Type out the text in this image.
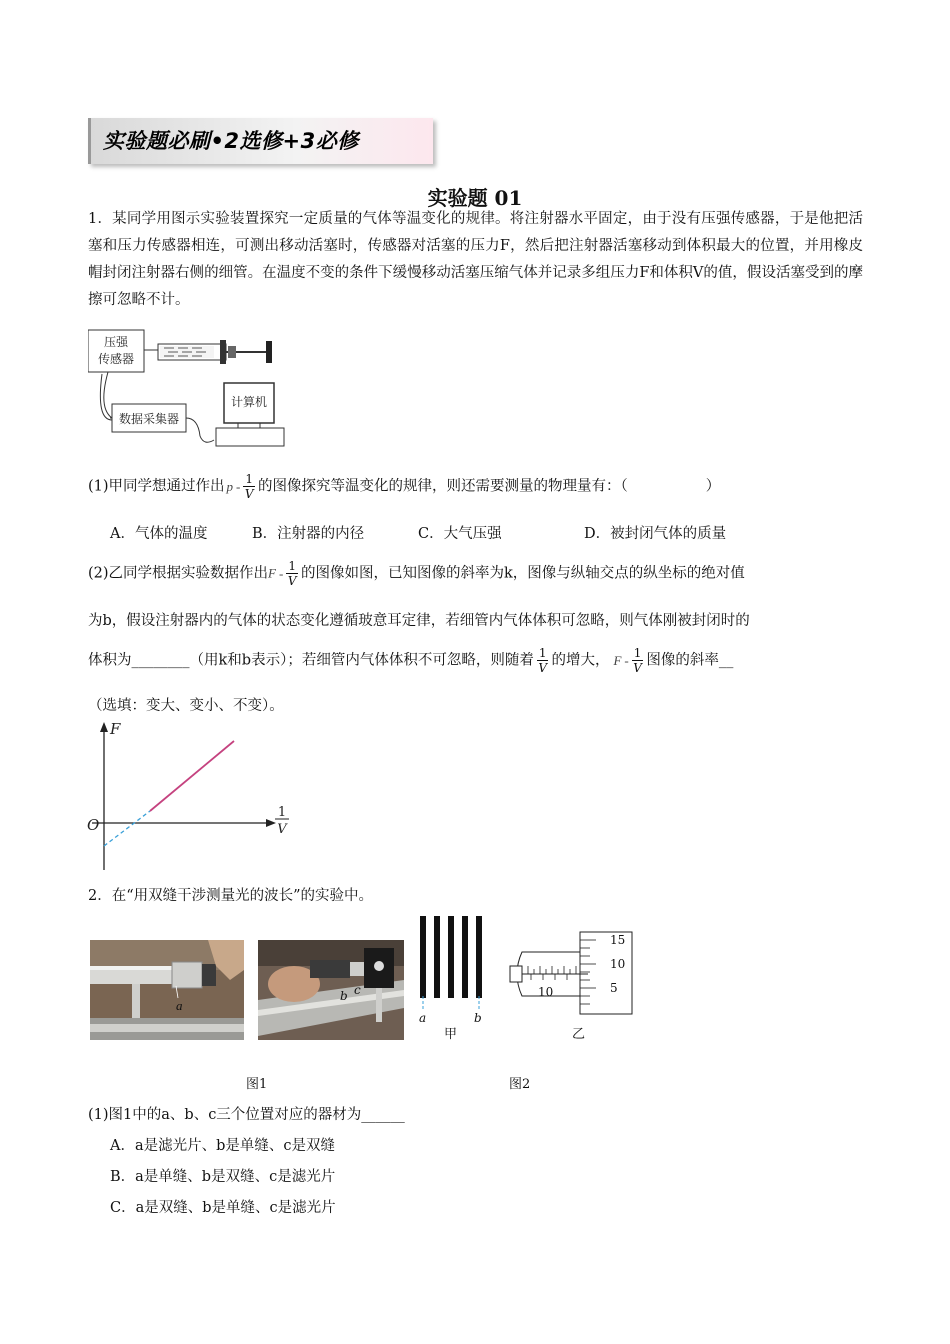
实验题必刷•2选修+3必修
实验题 01
1．某同学用图示实验装置探究一定质量的气体等温变化的规律。将注射器水平固定，由于没有压强传感器，于是他把活塞和压力传感器相连，可测出移动活塞时，传感器对活塞的压力F，然后把注射器活塞移动到体积最大的位置，并用橡皮帽封闭注射器右侧的细管。在温度不变的条件下缓慢移动活塞压缩气体并记录多组压力F和体积V的值，假设活塞受到的摩擦可忽略不计。
压强
传感器
数据采集器
计算机
(1)甲同学想通过作出 p - $\frac{1}{V}$ 的图像探究等温变化的规律，则还需要测量的物理量有：（	）
A．气体的温度	B．注射器的内径	C．大气压强	D．被封闭气体的质量
(2)乙同学根据实验数据作出F - $\frac{1}{V}$ 的图像如图，已知图像的斜率为k，图像与纵轴交点的纵坐标的绝对值
为b，假设注射器内的气体的状态变化遵循玻意耳定律，若细管内气体体积可忽略，则气体刚被封闭时的
体积为________（用k和b表示）；若细管内气体体积不可忽略，则随着 $\frac{1}{V}$ 的增大， F - $\frac{1}{V}$ 图像的斜率__
（选填：变大、变小、不变）。
F
O
1
V
2．在“用双缝干涉测量光的波长”的实验中。
a
b c
a	b
甲
15
10
5
10
乙
图1	图2
(1)图1中的a、b、c三个位置对应的器材为______
A．a是滤光片、b是单缝、c是双缝
B．a是单缝、b是双缝、c是滤光片
C．a是双缝、b是单缝、c是滤光片
